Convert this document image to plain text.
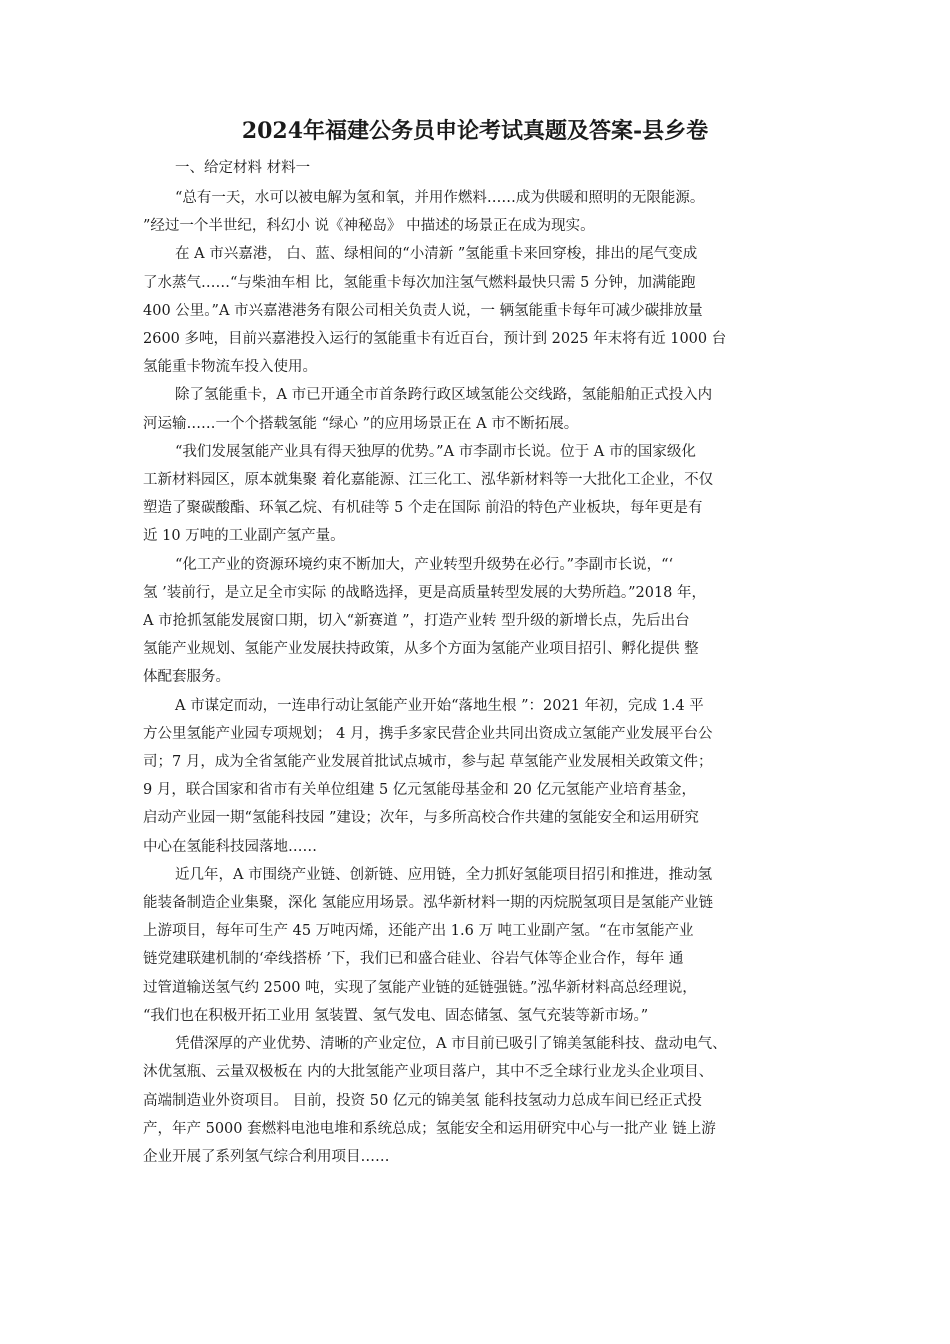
2024年福建公务员申论考试真题及答案-县乡卷

一、给定材料 材料一

“总有一天，水可以被电解为氢和氧，并用作燃料……成为供暖和照明的无限能源。
”经过一个半世纪，科幻小 说《神秘岛》 中描述的场景正在成为现实。
在 A 市兴嘉港， 白、蓝、绿相间的“小清新 ”氢能重卡来回穿梭，排出的尾气变成
了水蒸气……“与柴油车相 比，氢能重卡每次加注氢气燃料最快只需 5 分钟，加满能跑
400 公里。”A 市兴嘉港港务有限公司相关负责人说，一 辆氢能重卡每年可减少碳排放量
2600 多吨，目前兴嘉港投入运行的氢能重卡有近百台，预计到 2025 年末将有近 1000 台
氢能重卡物流车投入使用。
除了氢能重卡，A 市已开通全市首条跨行政区域氢能公交线路，氢能船舶正式投入内
河运输……一个个搭载氢能 “绿心 ”的应用场景正在 A 市不断拓展。
“我们发展氢能产业具有得天独厚的优势。”A 市李副市长说。位于 A 市的国家级化
工新材料园区，原本就集聚 着化嘉能源、江三化工、泓华新材料等一大批化工企业，不仅
塑造了聚碳酸酯、环氧乙烷、有机硅等 5 个走在国际 前沿的特色产业板块，每年更是有
近 10 万吨的工业副产氢产量。
“化工产业的资源环境约束不断加大，产业转型升级势在必行。”李副市长说，“‘
氢 ’装前行，是立足全市实际 的战略选择，更是高质量转型发展的大势所趋。”2018 年，
A 市抢抓氢能发展窗口期，切入“新赛道 ”，打造产业转 型升级的新增长点，先后出台
氢能产业规划、氢能产业发展扶持政策，从多个方面为氢能产业项目招引、孵化提供 整
体配套服务。
A 市谋定而动，一连串行动让氢能产业开始“落地生根 ”：2021 年初，完成 1.4 平
方公里氢能产业园专项规划； 4 月，携手多家民营企业共同出资成立氢能产业发展平台公
司；7 月，成为全省氢能产业发展首批试点城市，参与起 草氢能产业发展相关政策文件；
9 月，联合国家和省市有关单位组建 5 亿元氢能母基金和 20 亿元氢能产业培育基金，
启动产业园一期“氢能科技园 ”建设；次年，与多所高校合作共建的氢能安全和运用研究
中心在氢能科技园落地……
近几年，A 市围绕产业链、创新链、应用链，全力抓好氢能项目招引和推进，推动氢
能装备制造企业集聚，深化 氢能应用场景。泓华新材料一期的丙烷脱氢项目是氢能产业链
上游项目，每年可生产 45 万吨丙烯，还能产出 1.6 万 吨工业副产氢。“在市氢能产业
链党建联建机制的‘牵线搭桥 ’下，我们已和盛合硅业、谷岩气体等企业合作，每年 通
过管道输送氢气约 2500 吨，实现了氢能产业链的延链强链。”泓华新材料高总经理说，
“我们也在积极开拓工业用 氢装置、氢气发电、固态储氢、氢气充装等新市场。”
凭借深厚的产业优势、清晰的产业定位，A 市目前已吸引了锦美氢能科技、盘动电气、
沐优氢瓶、云量双极板在 内的大批氢能产业项目落户，其中不乏全球行业龙头企业项目、
高端制造业外资项目。 目前，投资 50 亿元的锦美氢 能科技氢动力总成车间已经正式投
产，年产 5000 套燃料电池电堆和系统总成；氢能安全和运用研究中心与一批产业 链上游
企业开展了系列氢气综合利用项目……
